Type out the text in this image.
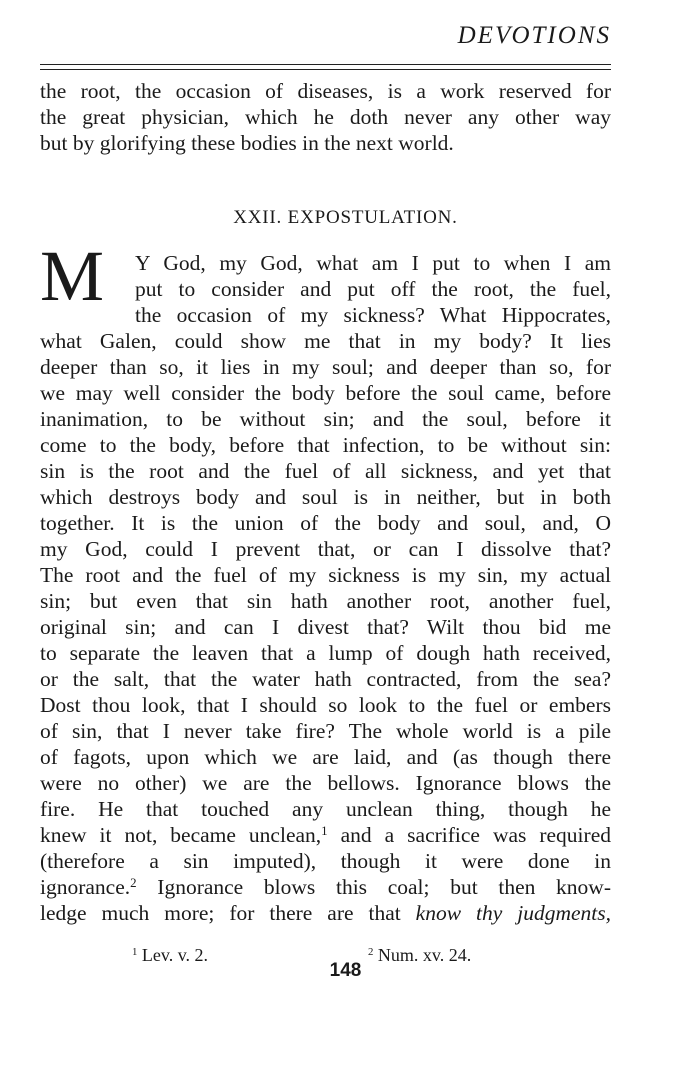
DEVOTIONS
the root, the occasion of diseases, is a work reserved for
the great physician, which he doth never any other way
but by glorifying these bodies in the next world.
XXII. EXPOSTULATION.
M Y God, my God, what am I put to when I am
put to consider and put off the root, the fuel,
the occasion of my sickness? What Hippocrates,
what Galen, could show me that in my body? It lies
deeper than so, it lies in my soul; and deeper than so, for
we may well consider the body before the soul came, before
inanimation, to be without sin; and the soul, before it
come to the body, before that infection, to be without sin:
sin is the root and the fuel of all sickness, and yet that
which destroys body and soul is in neither, but in both
together. It is the union of the body and soul, and, O
my God, could I prevent that, or can I dissolve that?
The root and the fuel of my sickness is my sin, my actual
sin; but even that sin hath another root, another fuel,
original sin; and can I divest that? Wilt thou bid me
to separate the leaven that a lump of dough hath received,
or the salt, that the water hath contracted, from the sea?
Dost thou look, that I should so look to the fuel or embers
of sin, that I never take fire? The whole world is a pile
of fagots, upon which we are laid, and (as though there
were no other) we are the bellows. Ignorance blows the
fire. He that touched any unclean thing, though he
knew it not, became unclean,$^1$ and a sacrifice was required
(therefore a sin imputed), though it were done in
ignorance.$^2$ Ignorance blows this coal; but then know-
ledge much more; for there are that know thy judgments,
$^1$ Lev. v. 2.	$^2$ Num. xv. 24.
148
